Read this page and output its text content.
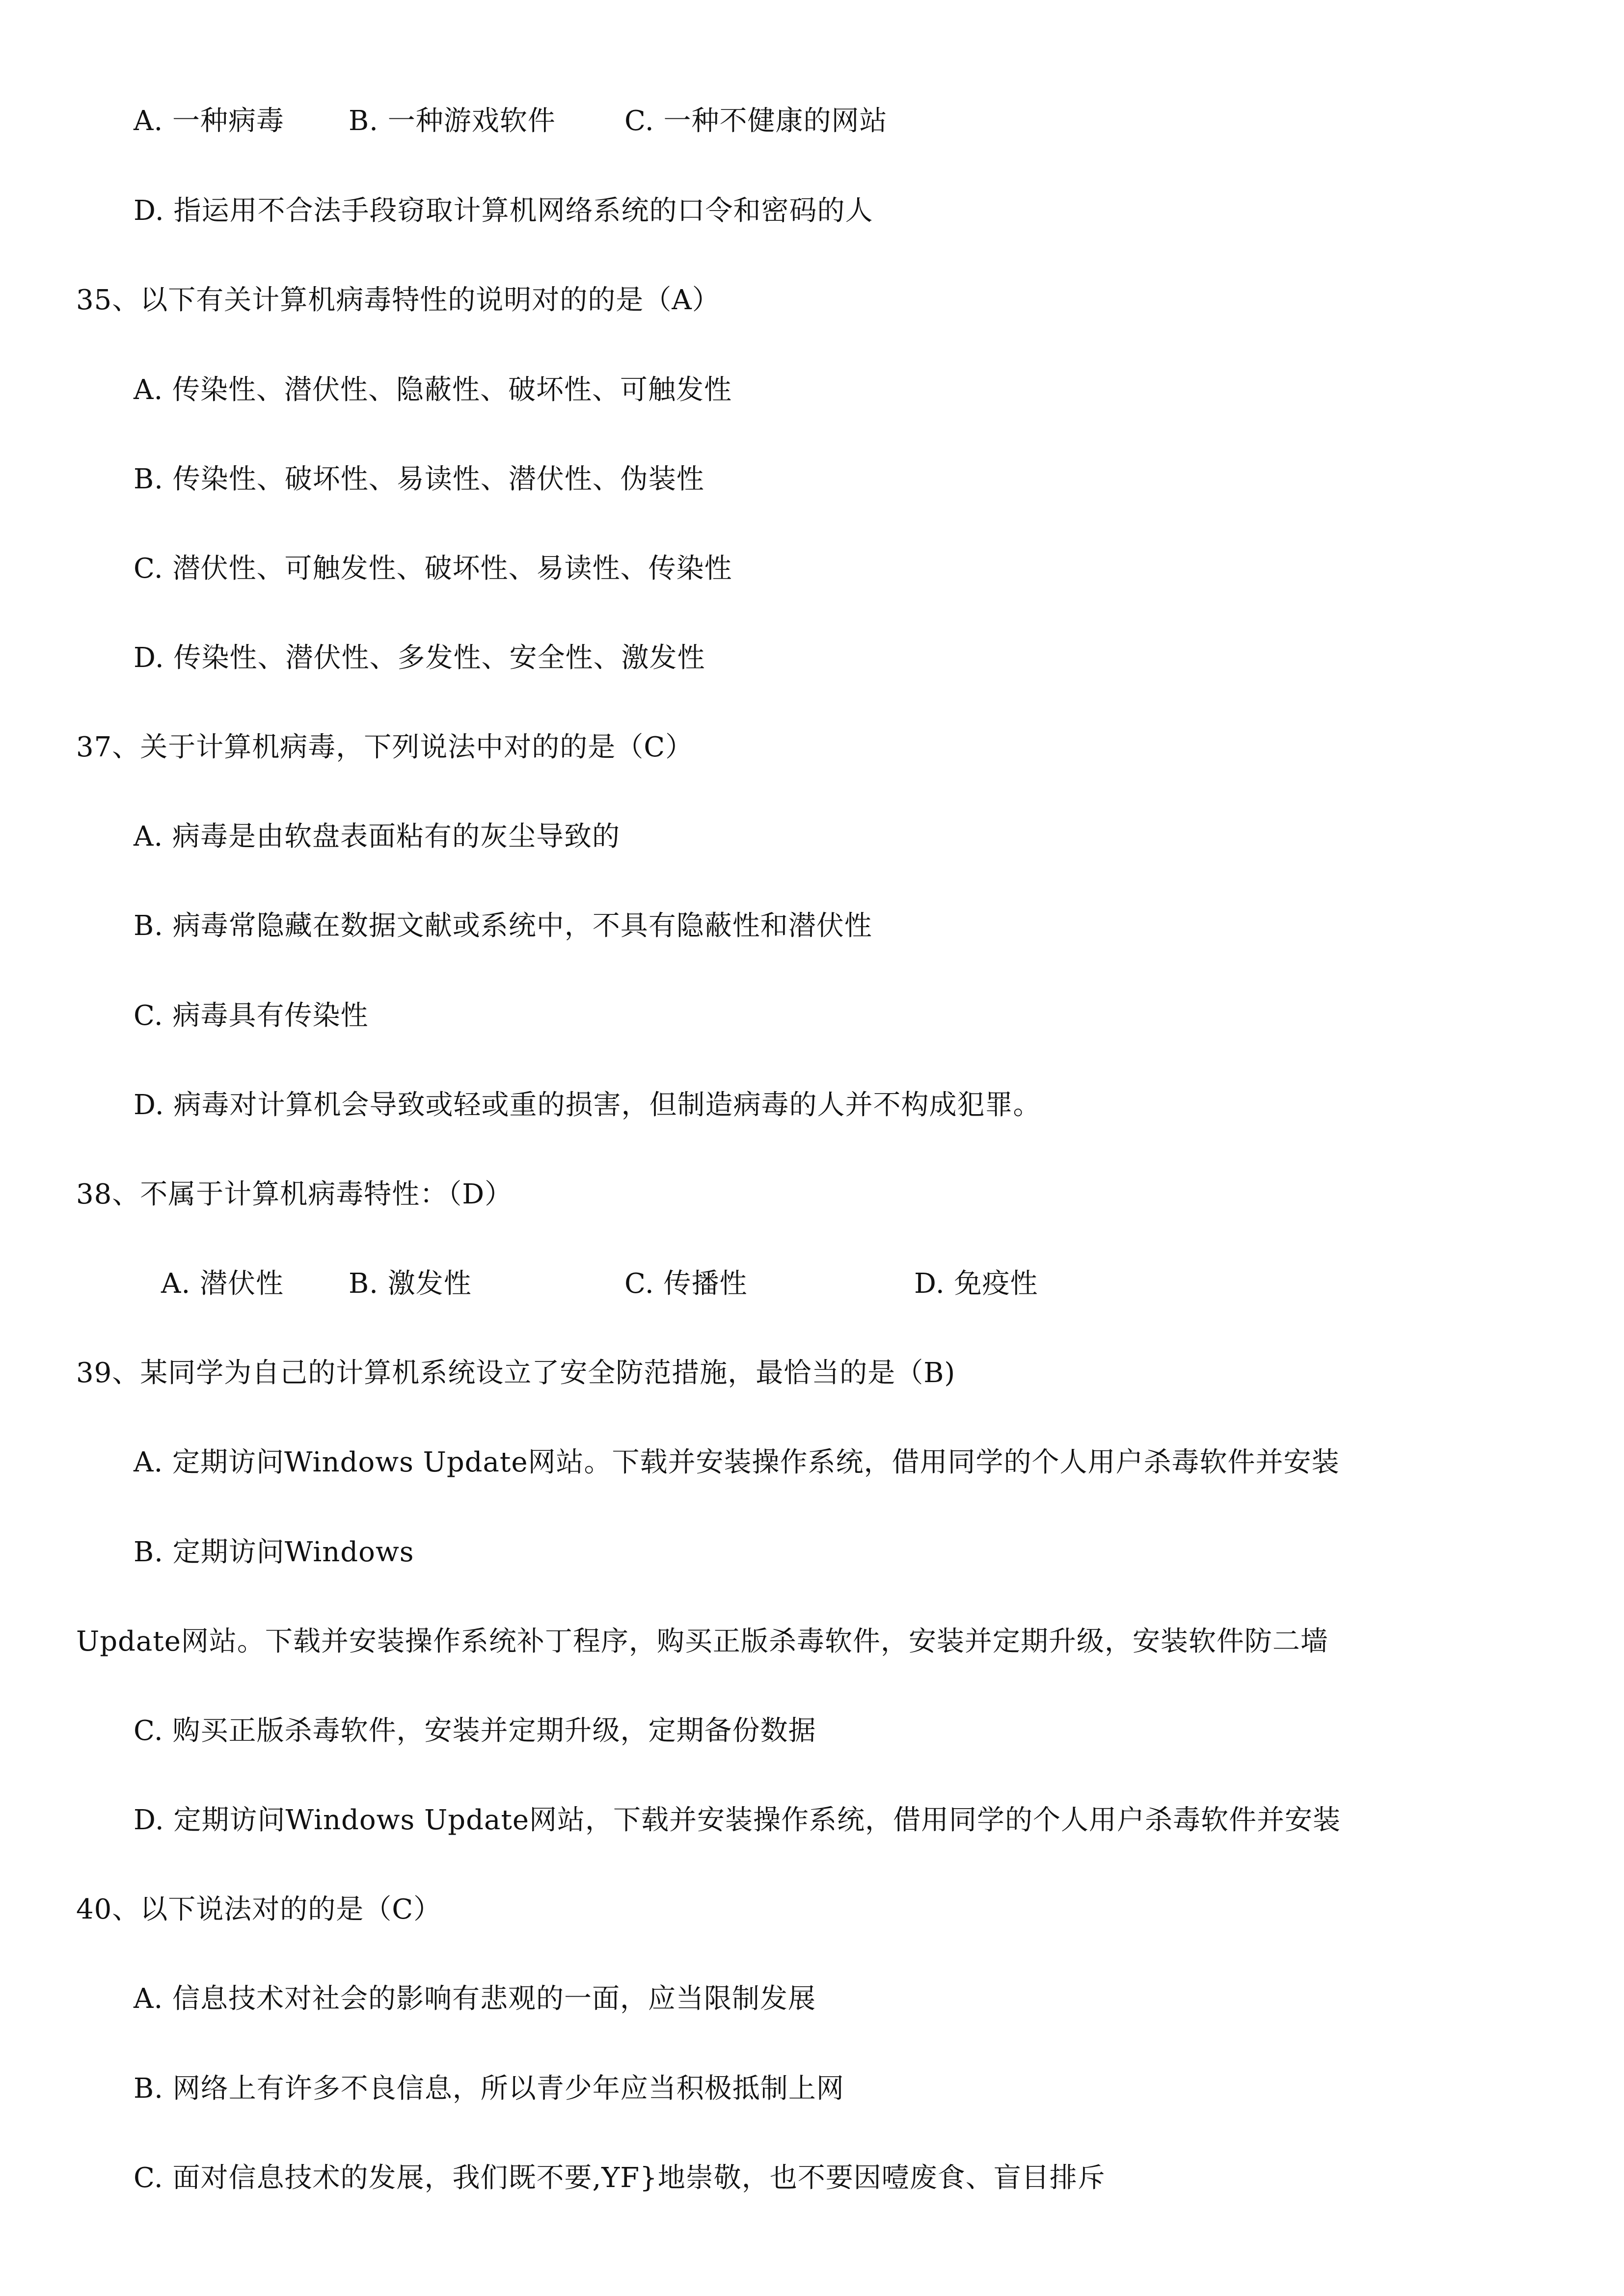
A. 一种病毒 B. 一种游戏软件	C. 一种不健康的网站
D. 指运用不合法手段窃取计算机网络系统的口令和密码的人
35、以下有关计算机病毒特性的说明对的的是（A）
A. 传染性、潜伏性、隐蔽性、破坏性、可触发性
B. 传染性、破坏性、易读性、潜伏性、伪装性
C. 潜伏性、可触发性、破坏性、易读性、传染性
D. 传染性、潜伏性、多发性、安全性、激发性
37、关于计算机病毒，下列说法中对的的是（C）
A. 病毒是由软盘表面粘有的灰尘导致的
B. 病毒常隐藏在数据文献或系统中，不具有隐蔽性和潜伏性
C. 病毒具有传染性
D. 病毒对计算机会导致或轻或重的损害，但制造病毒的人并不构成犯罪。
38、不属于计算机病毒特性：（D）
A. 潜伏性 B. 激发性	C. 传播性	D. 免疫性
39、某同学为自己的计算机系统设立了安全防范措施，最恰当的是（B)
A. 定期访问Windows Update网站。下载并安装操作系统，借用同学的个人用户杀毒软件并安装
B. 定期访问Windows
Update网站。下载并安装操作系统补丁程序，购买正版杀毒软件，安装并定期升级，安装软件防二墙
C. 购买正版杀毒软件，安装并定期升级，定期备份数据
D. 定期访问Windows Update网站，下载并安装操作系统，借用同学的个人用户杀毒软件并安装
40、以下说法对的的是（C）
A. 信息技术对社会的影响有悲观的一面，应当限制发展
B. 网络上有许多不良信息，所以青少年应当积极抵制上网
C. 面对信息技术的发展，我们既不要,YF}地崇敬，也不要因噎废食、盲目排斥
